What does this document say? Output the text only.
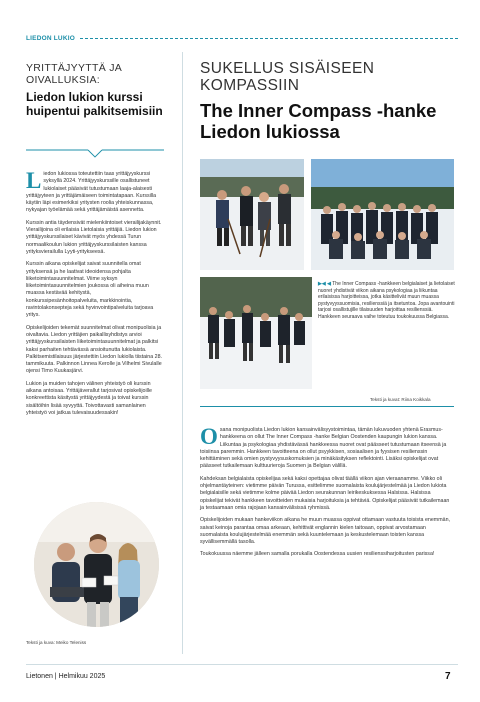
LIEDON LUKIO
YRITTÄJYYTTÄ JA OIVALLUKSIA:
Liedon lukion kurssi huipentui palkitsemisiin

Liedon lukiossa toteutettiin taas yrittäjyyskurssi syksyllä 2024. Yrittäjyyskurssille osallistuneet lukiolaiset pääsivät tutustumaan laaja-alaisesti yrittäjyyteen ja yrittäjämäiseen toimintatapaan. Kurssilla käytiin läpi esimerkiksi yritysten roolia yhteiskunnassa, nykyajan työelämää sekä yrittäjämäistä asennetta.

Kurssin antia täydensivät mielenkiintoiset vierailijakäynnit. Vierailijoina oli erilaisia Lietolaisia yrittäjiä. Liedon lukion yrittäjyyskurssilaiset kävivät myös yhdessä Turun normaalikoulun lukion yrittäjyyskurssilaisten kanssa yrityksvierailulla Lyyti-yritykseesä.

Kurssin aikana opiskelijat saivat suunnitella omat yrityksensä ja he laativat ideoidensa pohjalta liiketoimintasuunnitelmat. Viime syksyn liiketoimintasuunnitelmien joukossa oli aiheina muun muassa kestävää kehitystä, konkurssipesänhoitopalveluita, markkinointia, ravintolakonsepteja sekä hyvinvointipalveluita tarjoava yritys.

Opiskelijoiden tekemät suunnitelmat olivat monipuolisia ja oivaltavia. Liedon yrittäjien paikallisyhdistys arvioi yrittäjyyskurssilaisten liiketoimintasuunnitelmat ja palkitsi kaksi parhaiten tehtävässä ansioitunutta lukiolaista. Palkitsemistilaisuus järjestettiin Liedon lukiolla tiistaina 28. tammikuuta. Palkinnon Linnea Kerolle ja Vilhelmi Sivulalle ojensi Timo Kuukasjärvi.

Lukion ja muiden tahojen välinen yhteistyö oli kurssin aikana antoisaa. Yrittäjäverallut tarjosivat opiskelijoille konkreettista käsitystä yrittäjyydestä ja toivat kurssin sisältöihin lisää syvyyttä. Toivottavasti samanlainen yhteistyö voi jatkua tulevaisuudessakin!

Teksti ja kuva: Meiko Teleniss
SUKELLUS SISÄISEEN KOMPASSIIN
The Inner Compass -hanke Liedon lukiossa
▶◀ ◀ The Inner Compass -hankkeen belgialaiset ja lietolaiset nuoret yhdistivät viikon aikana psykologiaa ja liikuntaa erilaisissa harjoitteissa, jotka käsittelivät muun muassa pystyvyyssuomisia, resilienssiä ja itsetuntoa. Jopa avantouinti tarjosi osallistujille tilaisuuden harjoittaa resilienssiä. Hankkeen seuraava vaihe toteutuu toukokuussa Belgiassa.
Teksti ja kuvat: Riina Koikkala

Osana monipuolista Liedon lukion kansainvälisyystoimintaa, tämän lukuvuoden yhtenä Erasmus-hankkeena on ollut The Inner Compass -hanke Belgian Oostenden kaupungin lukion kanssa. Liikuntaa ja psykologiaa yhdistävässä hankkeessa nuoret ovat päässeet tutustumaan itseensä ja toisiinsa paremmin. Hankkeen tavoitteena on ollut psyykkisen, sosiaalisen ja fyysisen resilienssin kehittäminen sekä omien pystyvyysuskomuksien ja minäkäsityksen reflektointi. Lisäksi opiskelijat ovat päässeet tutkailemaan kulttuurieroja Suomen ja Belgian välillä.

Kahdeksan belgialaista opiskelijaa sekä kaksi opettajaa olivat täällä viikon ajan vieraanamme. Viikko oli ohjelmantäyteinen: vietimme päivän Turussa, esittelimme suomalaista koulujärjestelmää ja Liedon lukiota belgialaisille sekä vietimme kolme päivää Liedon seurakunnan leirikeskuksessa Halsissa. Halsissa opiskelijat tekivät hankkeen tavoitteiden mukaisia harjoituksia ja tehtäviä. Opiskelijat pääsivät tutkailemaan ja testaamaan omia rajojaan kansainvälisissä ryhmissä.

Opiskelijoiden mukaan hankeviikon aikana he muun muassa oppivat ottamaan vastuuta toisista enemmän, saivat keinoja parantaa omaa arkeaan, kehittivät englannin kielen taitoaan, oppivat arvostamaan suomalaista koulujärjestelmää enemmän sekä kuuntelemaan ja keskustelemaan toisten kanssa syvällisemmällä tasolla.

Toukokuussa näemme jälleen samalla porukalla Oostendessa uusien resilienssiharjoitusten parissa!

Lietonen | Helmikuu 2025	7
